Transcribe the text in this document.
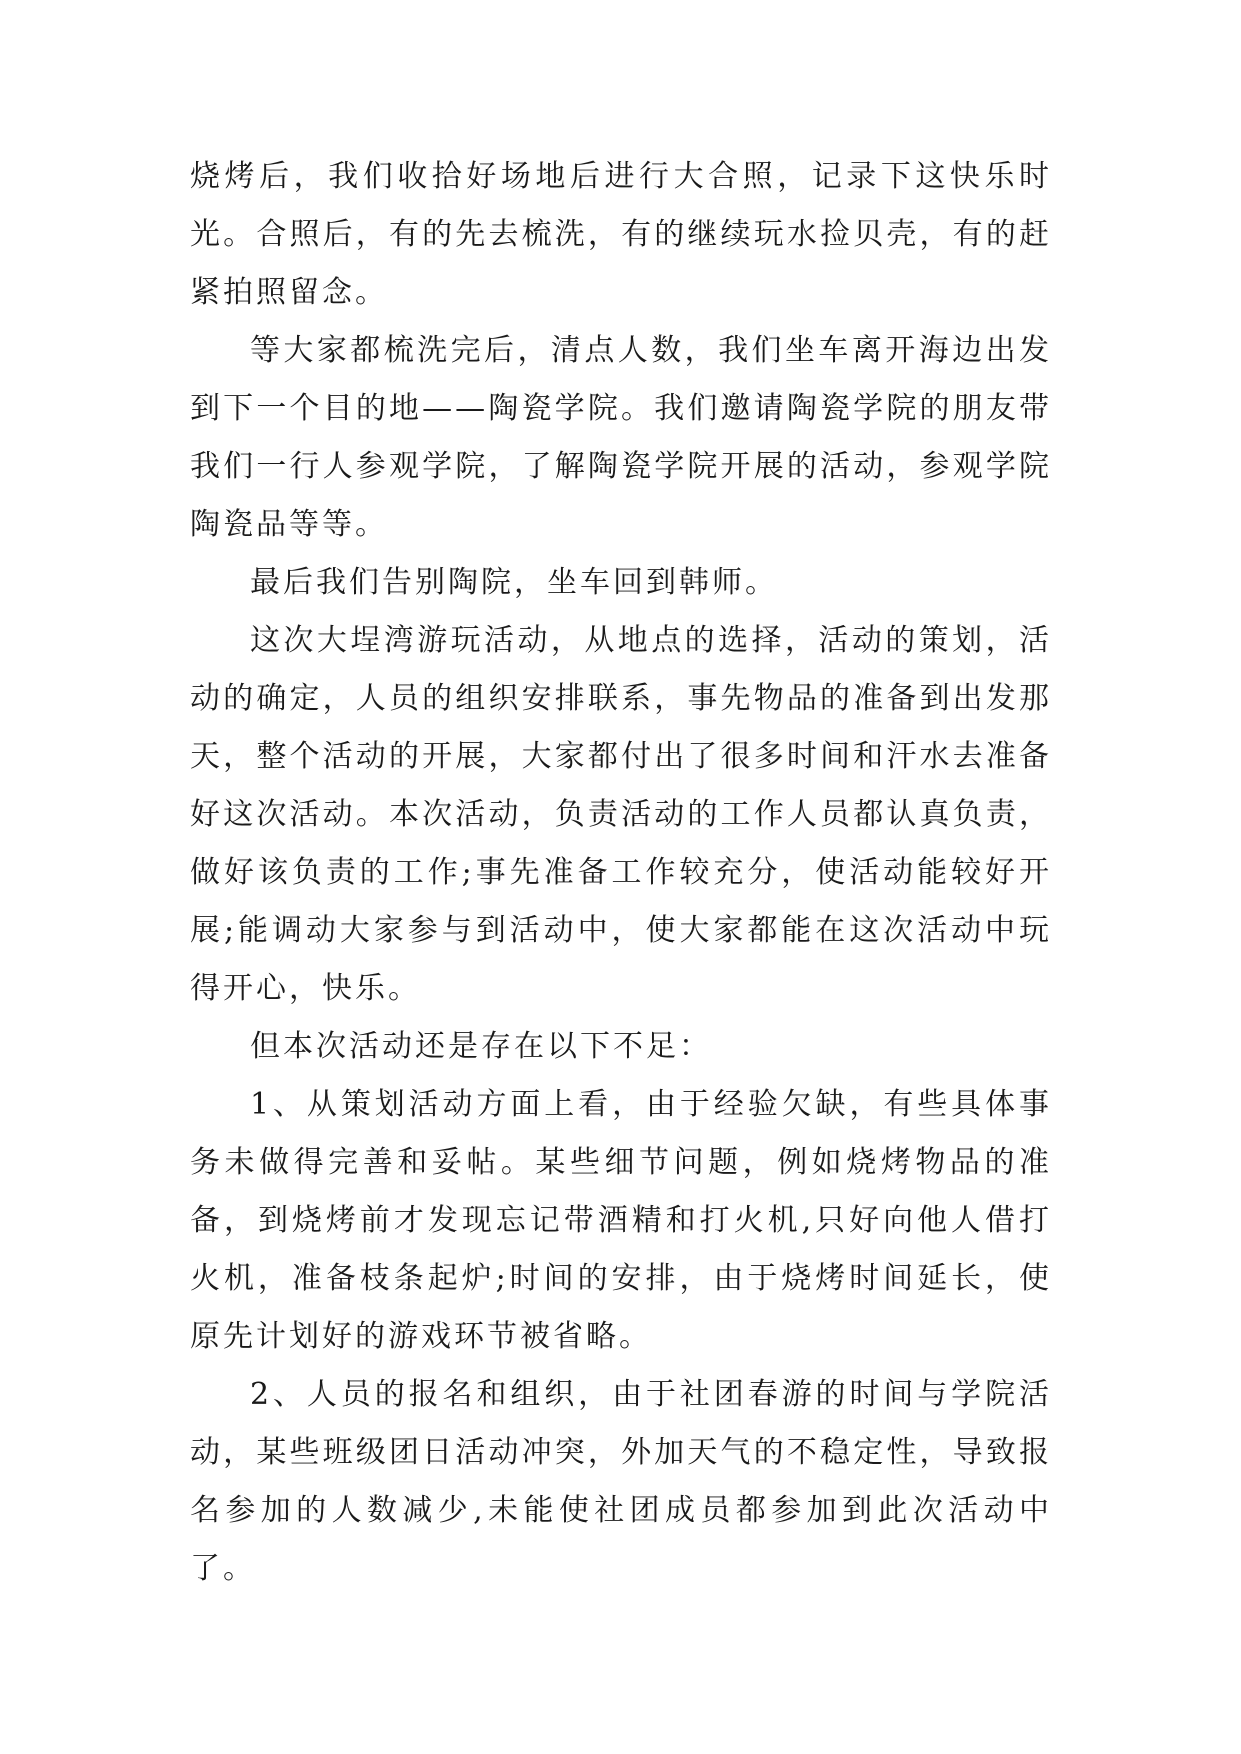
烧烤后，我们收拾好场地后进行大合照，记录下这快乐时光。合照后，有的先去梳洗，有的继续玩水捡贝壳，有的赶紧拍照留念。

等大家都梳洗完后，清点人数，我们坐车离开海边出发到下一个目的地——陶瓷学院。我们邀请陶瓷学院的朋友带我们一行人参观学院，了解陶瓷学院开展的活动，参观学院陶瓷品等等。

最后我们告别陶院，坐车回到韩师。

这次大埕湾游玩活动，从地点的选择，活动的策划，活动的确定，人员的组织安排联系，事先物品的准备到出发那天，整个活动的开展，大家都付出了很多时间和汗水去准备好这次活动。本次活动，负责活动的工作人员都认真负责，做好该负责的工作;事先准备工作较充分，使活动能较好开展;能调动大家参与到活动中，使大家都能在这次活动中玩得开心，快乐。

但本次活动还是存在以下不足：

1、从策划活动方面上看，由于经验欠缺，有些具体事务未做得完善和妥帖。某些细节问题，例如烧烤物品的准备，到烧烤前才发现忘记带酒精和打火机,只好向他人借打火机，准备枝条起炉;时间的安排，由于烧烤时间延长，使原先计划好的游戏环节被省略。

2、人员的报名和组织，由于社团春游的时间与学院活动，某些班级团日活动冲突，外加天气的不稳定性，导致报名参加的人数减少,未能使社团成员都参加到此次活动中了。
